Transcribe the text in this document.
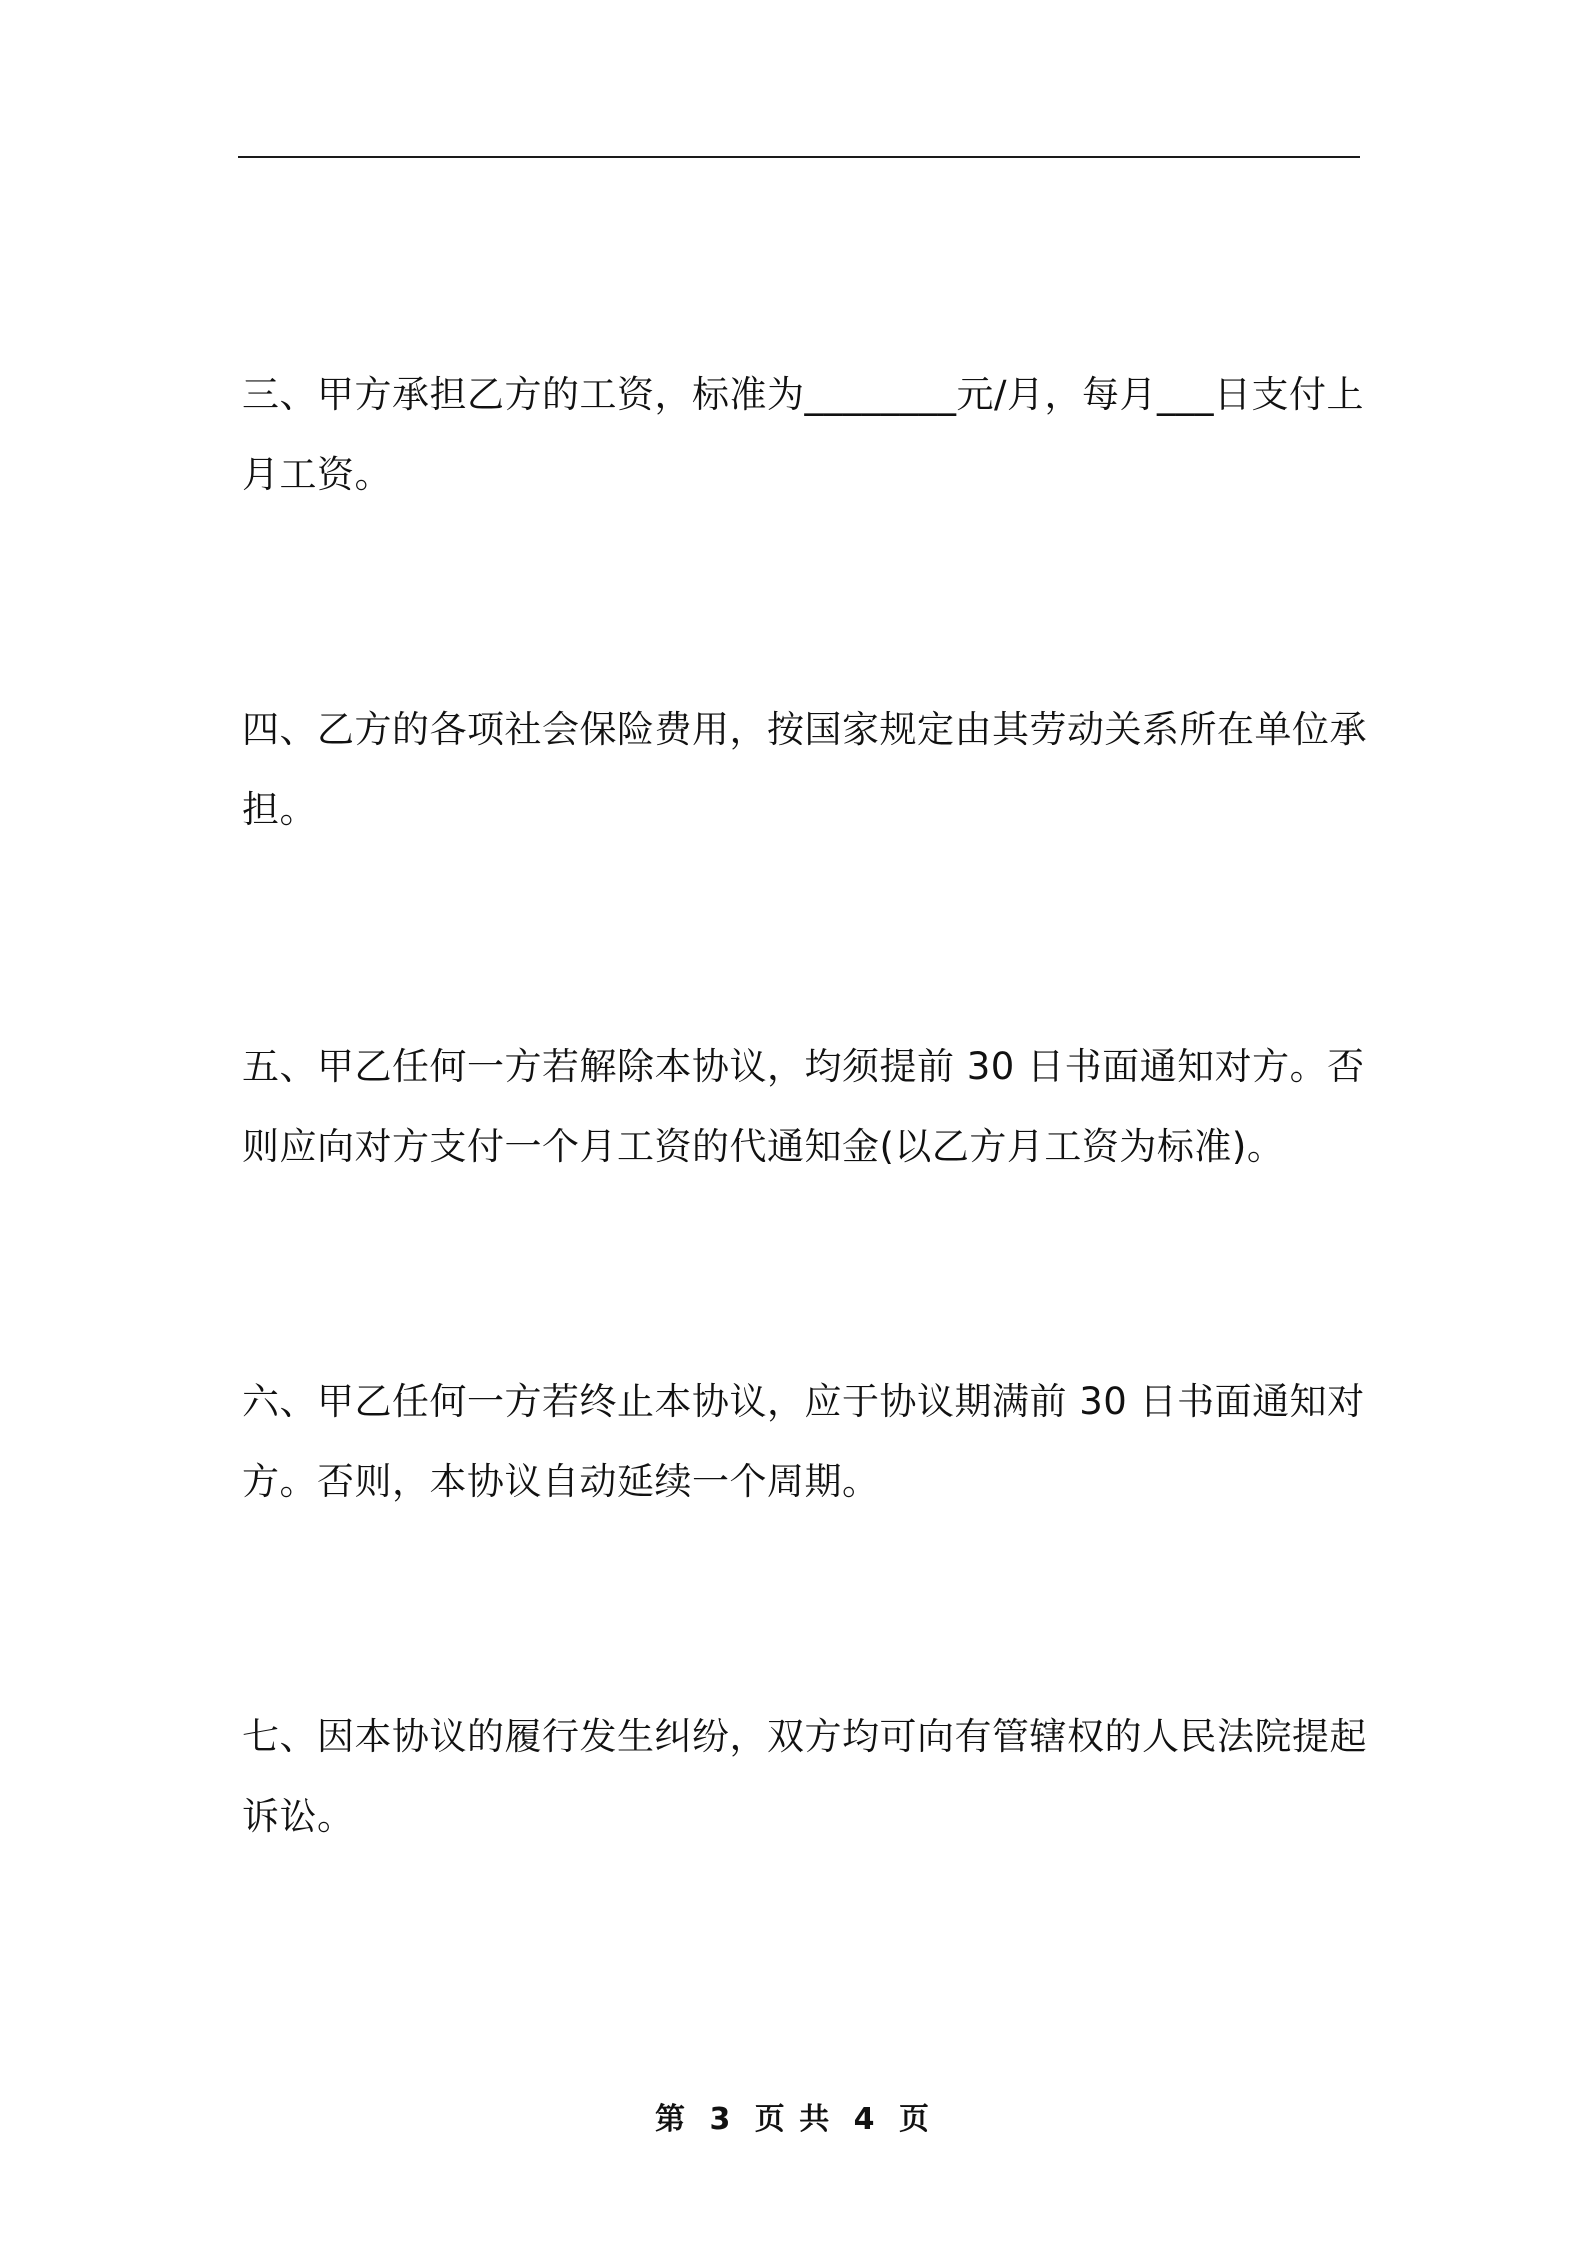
三、甲方承担乙方的工资，标准为________元/月，每月___日支付上
月工资。

四、乙方的各项社会保险费用，按国家规定由其劳动关系所在单位承
担。

五、甲乙任何一方若解除本协议，均须提前 30 日书面通知对方。否
则应向对方支付一个月工资的代通知金(以乙方月工资为标准)。

六、甲乙任何一方若终止本协议，应于协议期满前 30 日书面通知对
方。否则，本协议自动延续一个周期。

七、因本协议的履行发生纠纷，双方均可向有管辖权的人民法院提起
诉讼。

第 3 页 共 4 页
